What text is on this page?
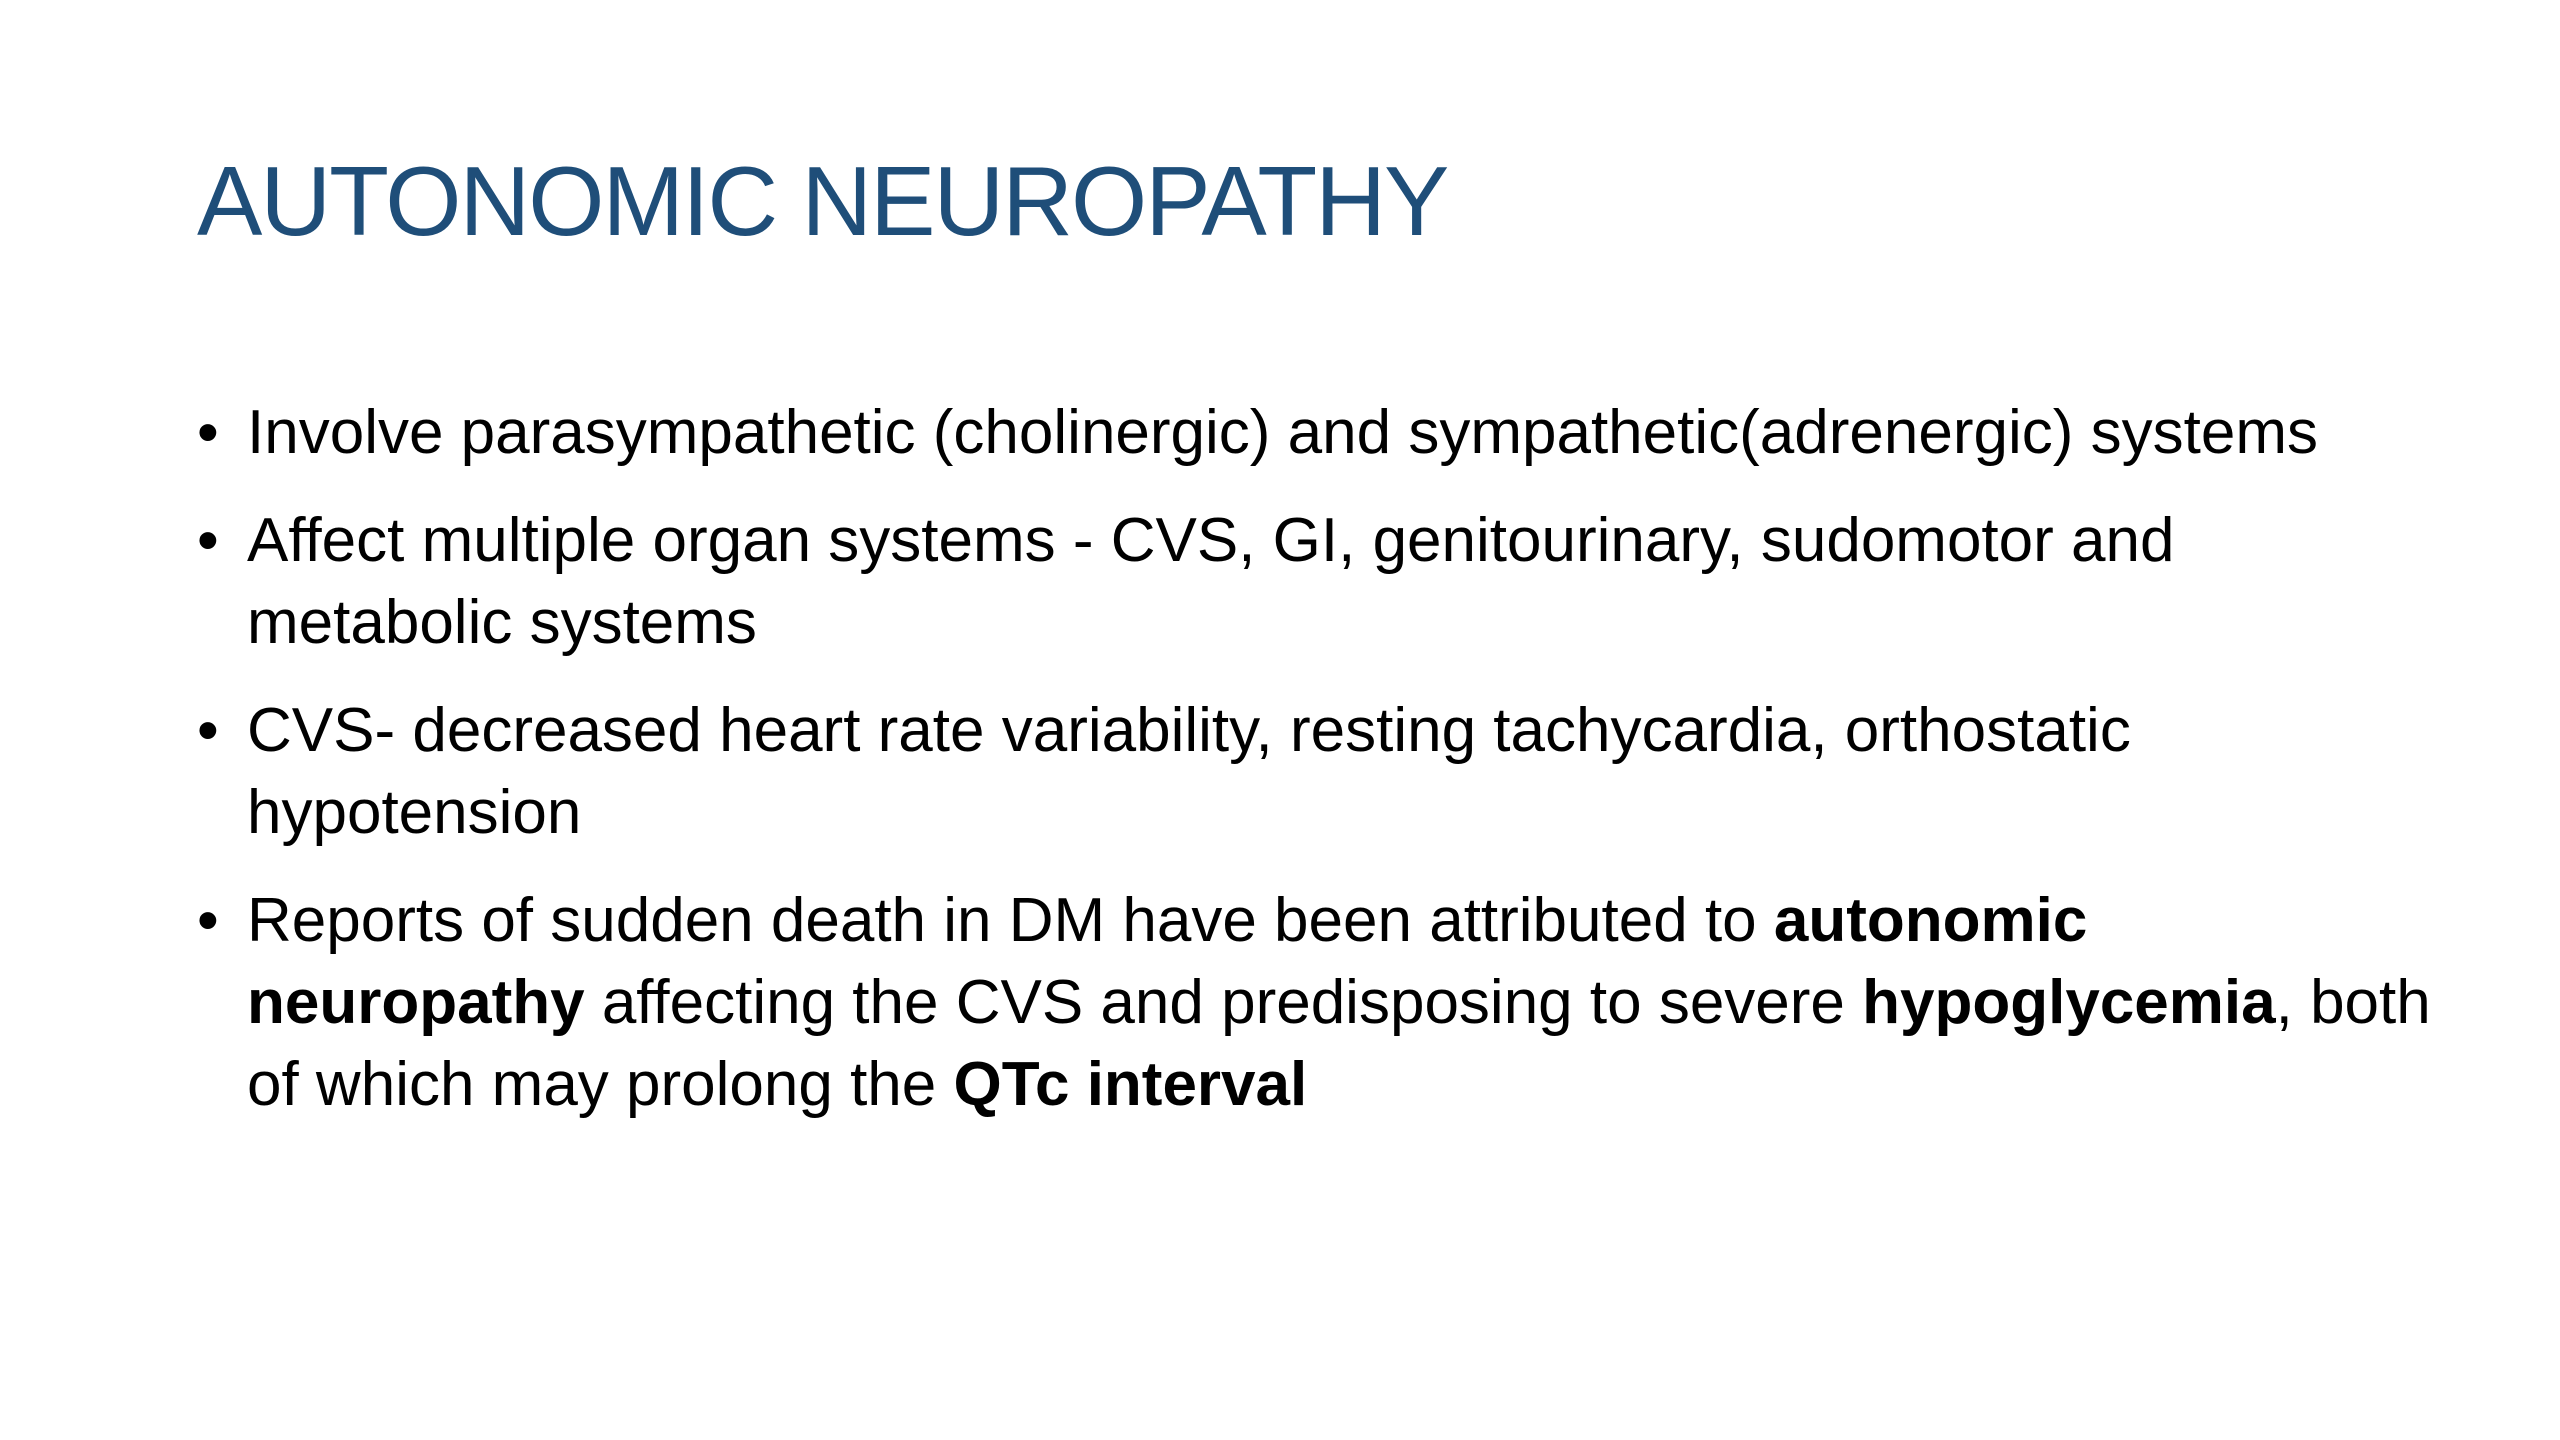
AUTONOMIC NEUROPATHY
• Involve parasympathetic (cholinergic) and sympathetic(adrenergic) systems
• Affect multiple organ systems - CVS, GI, genitourinary, sudomotor and metabolic systems
• CVS- decreased heart rate variability, resting tachycardia, orthostatic hypotension
• Reports of sudden death in DM have been attributed to autonomic neuropathy affecting the CVS and predisposing to severe hypoglycemia, both of which may prolong the QTc interval
